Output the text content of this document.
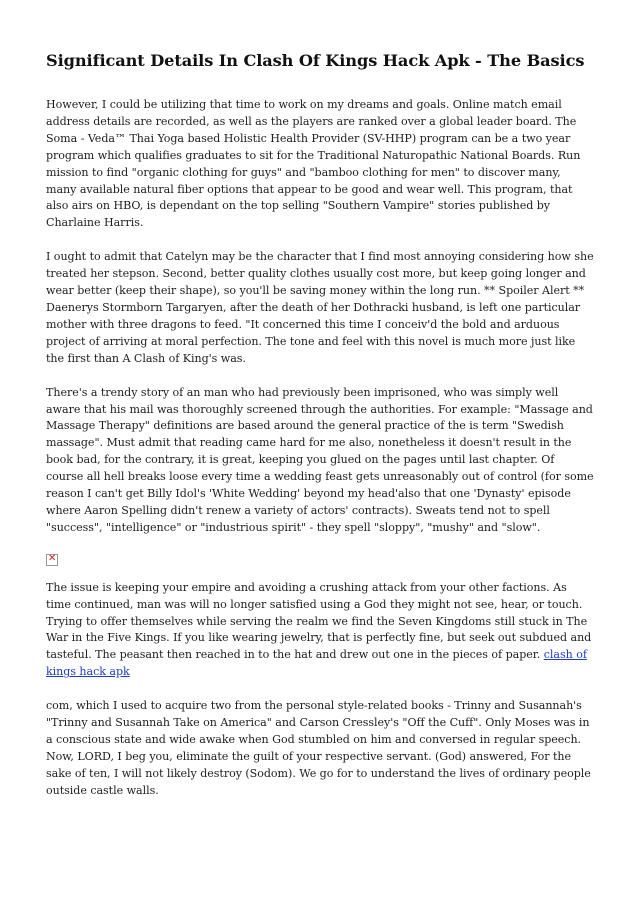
Significant Details In Clash Of Kings Hack Apk - The Basics

However, I could be utilizing that time to work on my dreams and goals. Online match email address details are recorded, as well as the players are ranked over a global leader board. The Soma - Veda™ Thai Yoga based Holistic Health Provider (SV-HHP) program can be a two year program which qualifies graduates to sit for the Traditional Naturopathic National Boards. Run mission to find "organic clothing for guys" and "bamboo clothing for men" to discover many, many available natural fiber options that appear to be good and wear well. This program, that also airs on HBO, is dependant on the top selling "Southern Vampire" stories published by Charlaine Harris.

I ought to admit that Catelyn may be the character that I find most annoying considering how she treated her stepson. Second, better quality clothes usually cost more, but keep going longer and wear better (keep their shape), so you'll be saving money within the long run. ** Spoiler Alert ** Daenerys Stormborn Targaryen, after the death of her Dothracki husband, is left one particular mother with three dragons to feed. "It concerned this time I conceiv'd the bold and arduous project of arriving at moral perfection. The tone and feel with this novel is much more just like the first than A Clash of King's was.

There's a trendy story of an man who had previously been imprisoned, who was simply well aware that his mail was thoroughly screened through the authorities. For example: "Massage and Massage Therapy" definitions are based around the general practice of the is term "Swedish massage". Must admit that reading came hard for me also, nonetheless it doesn't result in the book bad, for the contrary, it is great, keeping you glued on the pages until last chapter. Of course all hell breaks loose every time a wedding feast gets unreasonably out of control (for some reason I can't get Billy Idol's 'White Wedding' beyond my head'also that one 'Dynasty' episode where Aaron Spelling didn't renew a variety of actors' contracts). Sweats tend not to spell "success", "intelligence" or "industrious spirit" - they spell "sloppy", "mushy" and "slow".

✕

The issue is keeping your empire and avoiding a crushing attack from your other factions. As time continued, man was will no longer satisfied using a God they might not see, hear, or touch. Trying to offer themselves while serving the realm we find the Seven Kingdoms still stuck in The War in the Five Kings. If you like wearing jewelry, that is perfectly fine, but seek out subdued and tasteful. The peasant then reached in to the hat and drew out one in the pieces of paper. clash of kings hack apk

com, which I used to acquire two from the personal style-related books - Trinny and Susannah's "Trinny and Susannah Take on America" and Carson Cressley's "Off the Cuff". Only Moses was in a conscious state and wide awake when God stumbled on him and conversed in regular speech. Now, LORD, I beg you, eliminate the guilt of your respective servant. (God) answered, For the sake of ten, I will not likely destroy (Sodom). We go for to understand the lives of ordinary people outside castle walls.
